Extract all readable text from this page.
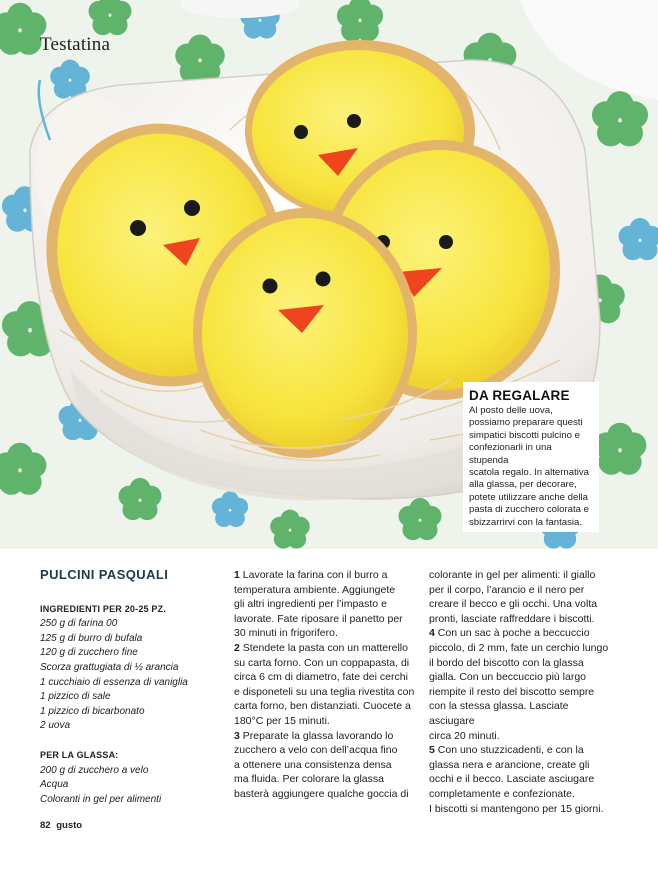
Testatina
DA REGALARE

Al posto delle uova,
possiamo preparare questi
simpatici biscotti pulcino e
confezionarli in una stupenda
scatola regalo. In alternativa
alla glassa, per decorare,
potete utilizzare anche della
pasta di zucchero colorata e
sbizzarrirvi con la fantasia.

PULCINI PASQUALI
INGREDIENTI PER 20-25 PZ.
250 g di farina 00
125 g di burro di bufala
120 g di zucchero fine
Scorza grattugiata di ½ arancia
1 cucchiaio di essenza di vaniglia
1 pizzico di sale
1 pizzico di bicarbonato
2 uova
PER LA GLASSA:
200 g di zucchero a velo
Acqua
Coloranti in gel per alimenti
1 Lavorate la farina con il burro a
temperatura ambiente. Aggiungete
gli altri ingredienti per l’impasto e
lavorate. Fate riposare il panetto per
30 minuti in frigorifero.
2 Stendete la pasta con un matterello
su carta forno. Con un coppapasta, di
circa 6 cm di diametro, fate dei cerchi
e disponeteli su una teglia rivestita con
carta forno, ben distanziati. Cuocete a
180°C per 15 minuti.
3 Preparate la glassa lavorando lo
zucchero a velo con dell’acqua fino
a ottenere una consistenza densa
ma fluida. Per colorare la glassa
basterà aggiungere qualche goccia di
colorante in gel per alimenti: il giallo
per il corpo, l’arancio e il nero per
creare il becco e gli occhi. Una volta
pronti, lasciate raffreddare i biscotti.
4 Con un sac à poche a beccuccio
piccolo, di 2 mm, fate un cerchio lungo
il bordo del biscotto con la glassa
gialla. Con un beccuccio più largo
riempite il resto del biscotto sempre
con la stessa glassa. Lasciate asciugare
circa 20 minuti.
5 Con uno stuzzicadenti, e con la
glassa nera e arancione, create gli
occhi e il becco. Lasciate asciugare
completamente e confezionate.
I biscotti si mantengono per 15 giorni.
82 gusto
